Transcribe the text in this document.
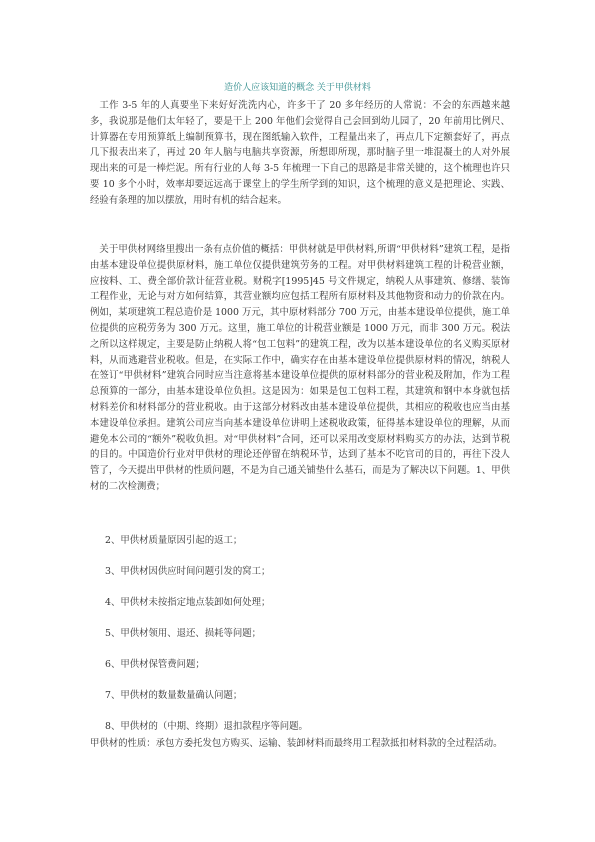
造价人应该知道的概念 关于甲供材料

工作 3-5 年的人真要坐下来好好洗洗内心，许多干了 20 多年经历的人常说：不会的东西越来越多，我说那是他们太年轻了，要是干上 200 年他们会觉得自己会回到幼儿园了，20 年前用比例尺、计算器在专用预算纸上编制预算书，现在图纸输入软件，工程量出来了，再点几下定额套好了，再点几下报表出来了，再过 20 年人脑与电脑共享资源，所想即所现，那时脑子里一堆混凝土的人对外展现出来的可是一棒烂泥。所有行业的人每 3-5 年梳理一下自己的思路是非常关键的，这个梳理也许只要 10 多个小时，效率却要远远高于课堂上的学生所学到的知识，这个梳理的意义是把理论、实践、经验有条理的加以摆放，用时有机的结合起来。

关于甲供材网络里搜出一条有点价值的概括：甲供材就是甲供材料,所谓“甲供材料”建筑工程，是指由基本建设单位提供原材料，施工单位仅提供建筑劳务的工程。对甲供材料建筑工程的计税营业额，应按料、工、费全部价款计征营业税。财税字[1995]45 号文件规定，纳税人从事建筑、修缮、装饰工程作业，无论与对方如何结算，其营业额均应包括工程所有原材料及其他物资和动力的价款在内。例如，某项建筑工程总造价是 1000 万元，其中原材料部分 700 万元，由基本建设单位提供，施工单位提供的应税劳务为 300 万元。这里，施工单位的计税营业额是 1000 万元，而非 300 万元。税法之所以这样规定，主要是防止纳税人将“包工包料”的建筑工程，改为以基本建设单位的名义购买原材料，从而逃避营业税收。但是，在实际工作中，确实存在由基本建设单位提供原材料的情况，纳税人在签订“甲供材料”建筑合同时应当注意将基本建设单位提供的原材料部分的营业税及附加，作为工程总预算的一部分，由基本建设单位负担。这是因为：如果是包工包料工程，其建筑和钢中本身就包括材料差价和材料部分的营业税收。由于这部分材料改由基本建设单位提供，其相应的税收也应当由基本建设单位承担。建筑公司应当向基本建设单位讲明上述税收政策，征得基本建设单位的理解，从而避免本公司的“额外”税收负担。对“甲供材料”合同，还可以采用改变原材料购买方的办法，达到节税的目的。中国造价行业对甲供材的理论还停留在纳税环节，达到了基本不吃官司的目的，再往下没人管了，今天提出甲供材的性质问题，不是为自己通关铺垫什么基石，而是为了解决以下问题。1、甲供材的二次检测费；

2、甲供材质量原因引起的返工；

3、甲供材因供应时间问题引发的窝工；

4、甲供材未按指定地点装卸如何处理；

5、甲供材领用、退还、损耗等问题；

6、甲供材保管费问题；

7、甲供材的数量数量确认问题；

8、甲供材的（中期、终期）退扣款程序等问题。

甲供材的性质：承包方委托发包方购买、运输、装卸材料而最终用工程款抵扣材料款的全过程活动。
